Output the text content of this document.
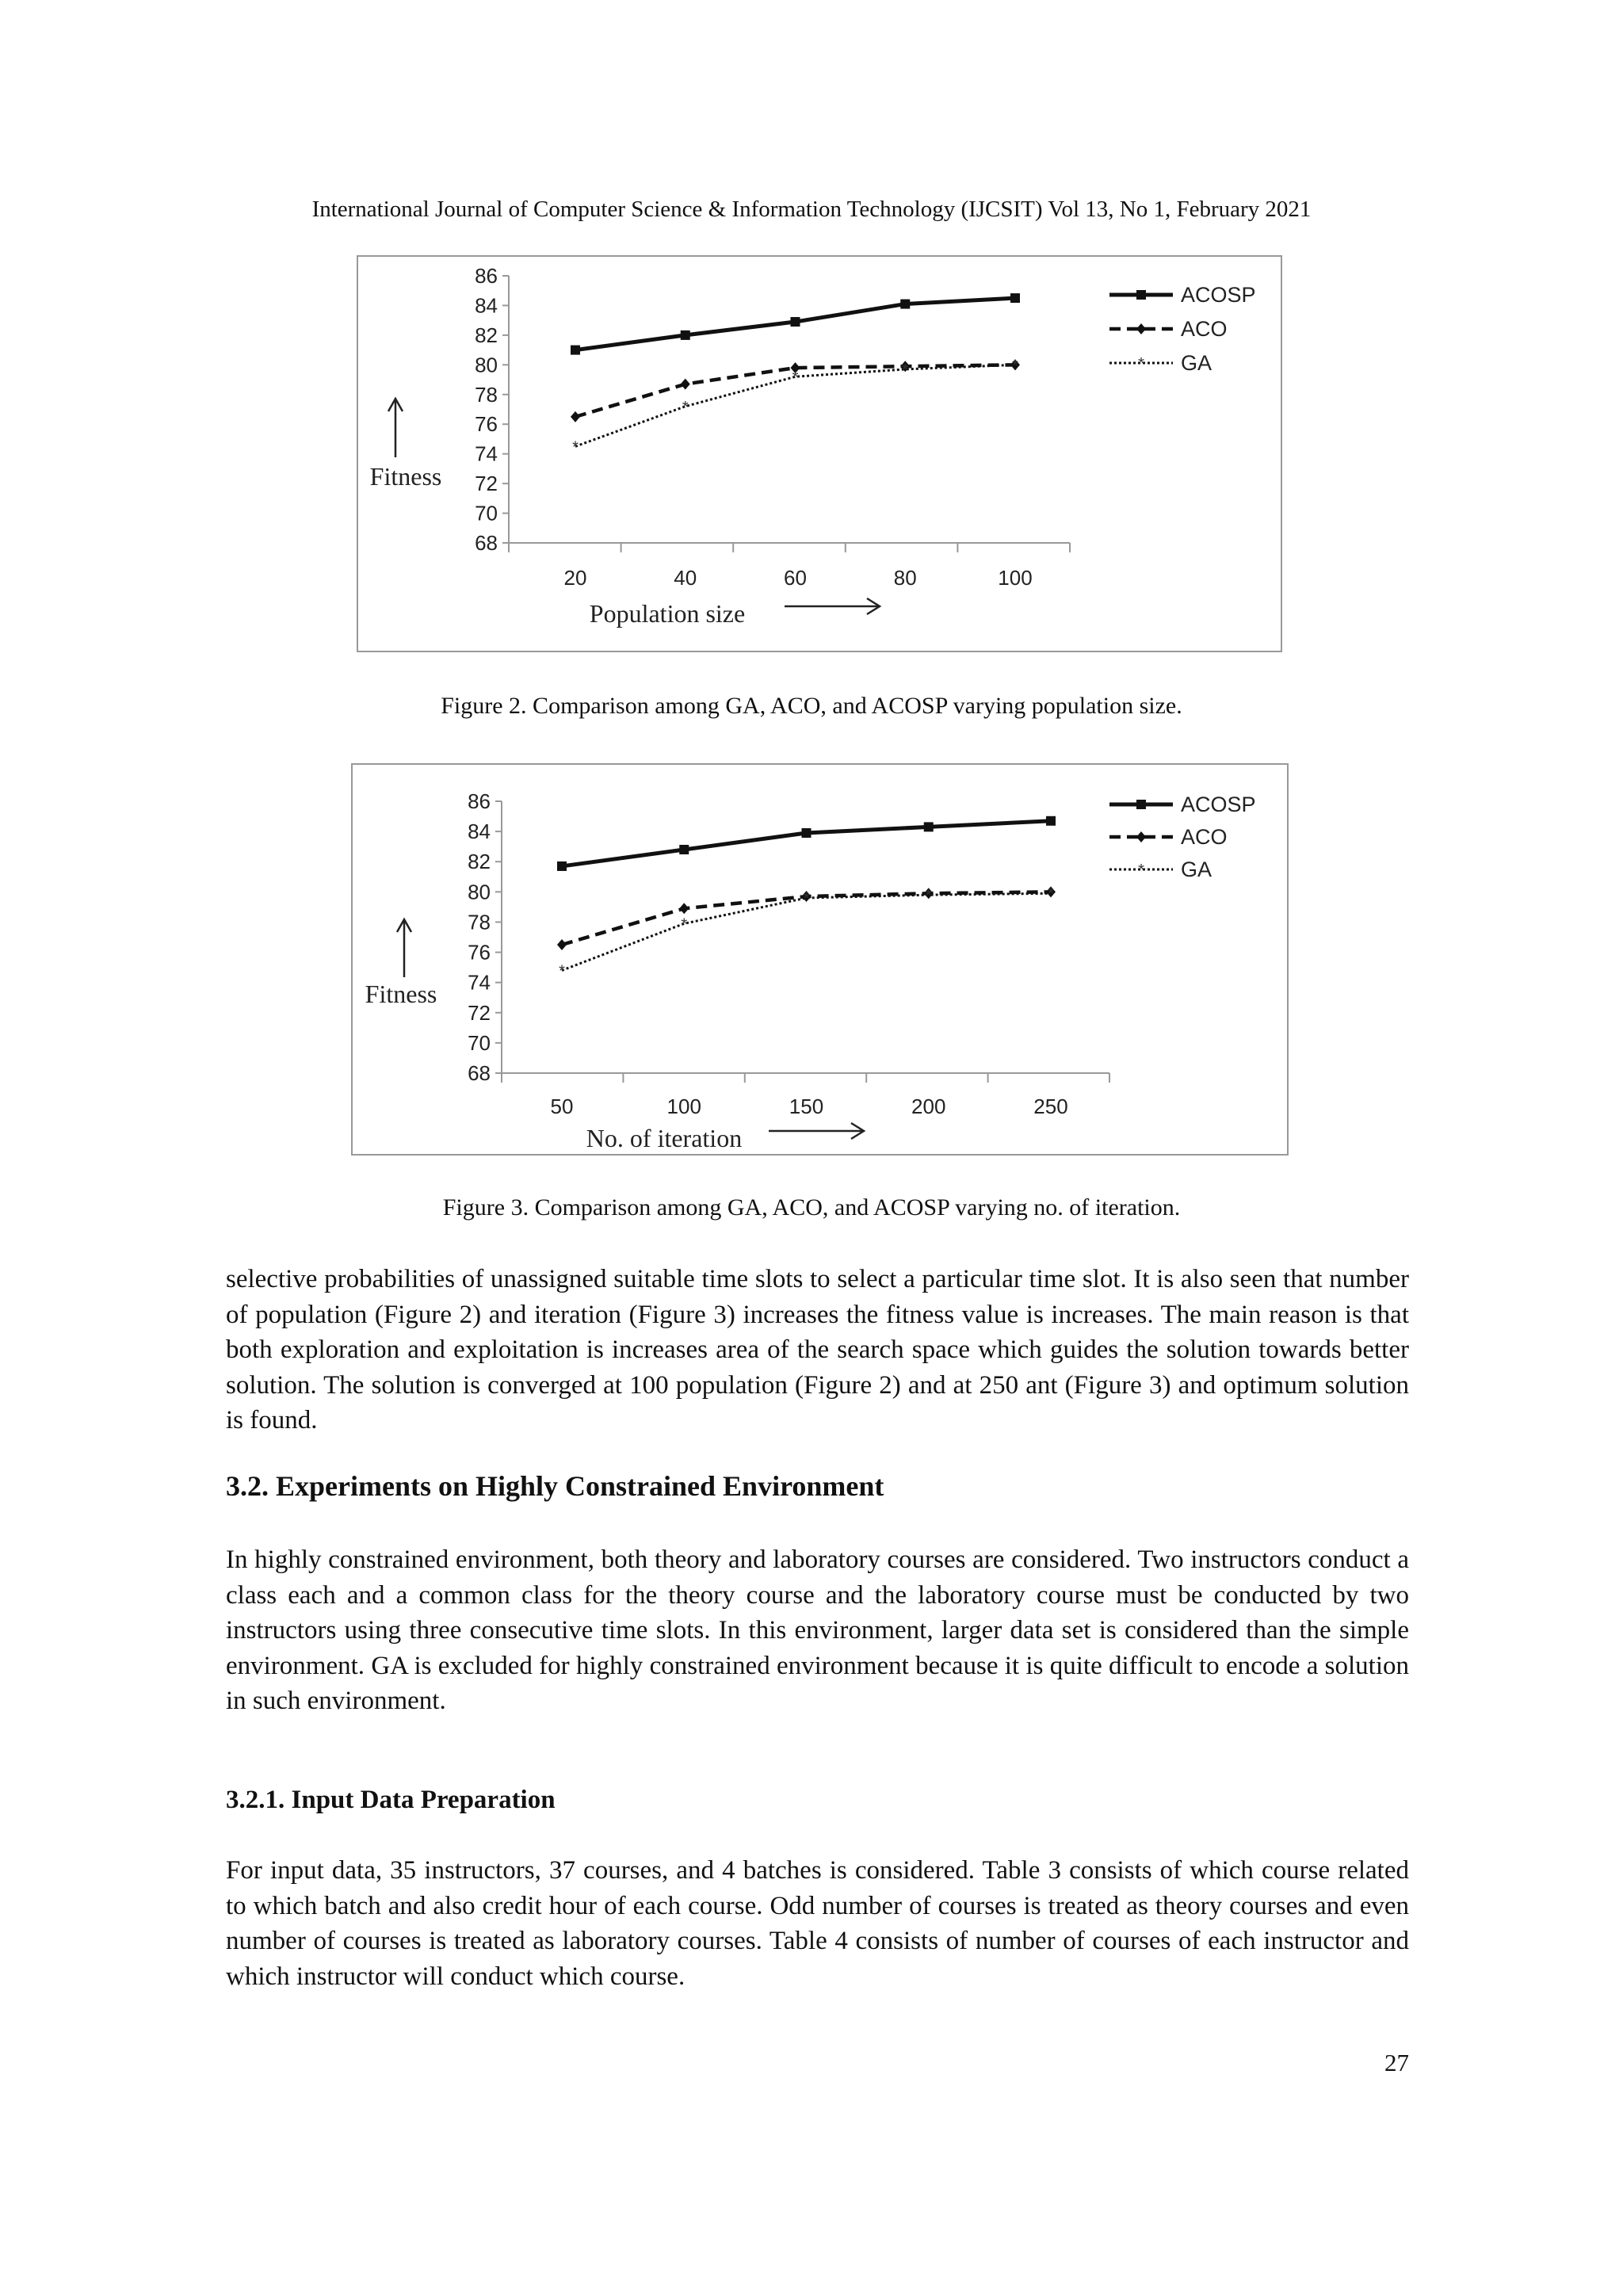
International Journal of Computer Science & Information Technology (IJCSIT) Vol 13, No 1, February 2021
68
70
72
74
76
78
80
82
84
86
20	40	60	80	100
ACOSP
ACO
*
*
*	*	*	* GA
Population size
Fitness
68
70
72
74
76
78
80
82
84
86
50	100	150	200	250
ACOSP
ACO
*
*
*	*	*
* GA
No. of iteration
Fitness
Figure 2. Comparison among GA, ACO, and ACOSP varying population size.
Figure 3. Comparison among GA, ACO, and ACOSP varying no. of iteration.
selective probabilities of unassigned suitable time slots to select a particular time slot. It is also seen that number of population (Figure 2) and iteration (Figure 3) increases the fitness value is increases. The main reason is that both exploration and exploitation is increases area of the search space which guides the solution towards better solution. The solution is converged at 100 population (Figure 2) and at 250 ant (Figure 3) and optimum solution is found.
3.2. Experiments on Highly Constrained Environment
In highly constrained environment, both theory and laboratory courses are considered. Two instructors conduct a class each and a common class for the theory course and the laboratory course must be conducted by two instructors using three consecutive time slots. In this environment, larger data set is considered than the simple environment. GA is excluded for highly constrained environment because it is quite difficult to encode a solution in such environment.
3.2.1. Input Data Preparation
For input data, 35 instructors, 37 courses, and 4 batches is considered. Table 3 consists of which course related to which batch and also credit hour of each course. Odd number of courses is treated as theory courses and even number of courses is treated as laboratory courses. Table 4 consists of number of courses of each instructor and which instructor will conduct which course.
27
